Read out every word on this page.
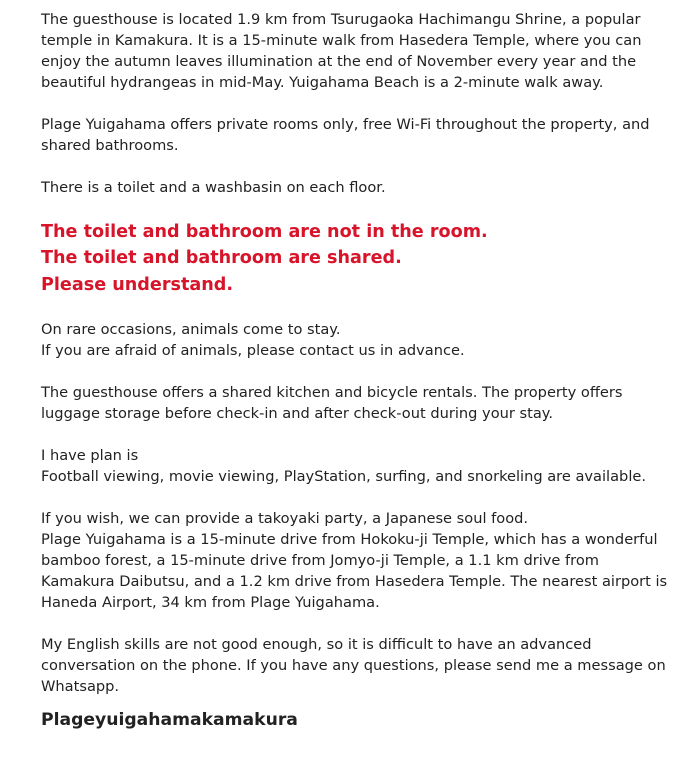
The guesthouse is located 1.9 km from Tsurugaoka Hachimangu Shrine, a popular
temple in Kamakura. It is a 15-minute walk from Hasedera Temple, where you can
enjoy the autumn leaves illumination at the end of November every year and the
beautiful hydrangeas in mid-May. Yuigahama Beach is a 2-minute walk away.
Plage Yuigahama offers private rooms only, free Wi-Fi throughout the property, and
shared bathrooms.
There is a toilet and a washbasin on each floor.
The toilet and bathroom are not in the room.
The toilet and bathroom are shared.
Please understand.
On rare occasions, animals come to stay.
If you are afraid of animals, please contact us in advance.
The guesthouse offers a shared kitchen and bicycle rentals. The property offers
luggage storage before check-in and after check-out during your stay.
I have plan is
Football viewing, movie viewing, PlayStation, surfing, and snorkeling are available.
If you wish, we can provide a takoyaki party, a Japanese soul food.
Plage Yuigahama is a 15-minute drive from Hokoku-ji Temple, which has a wonderful
bamboo forest, a 15-minute drive from Jomyo-ji Temple, a 1.1 km drive from
Kamakura Daibutsu, and a 1.2 km drive from Hasedera Temple. The nearest airport is
Haneda Airport, 34 km from Plage Yuigahama.
My English skills are not good enough, so it is difficult to have an advanced
conversation on the phone. If you have any questions, please send me a message on
Whatsapp.
Plageyuigahamakamakura
